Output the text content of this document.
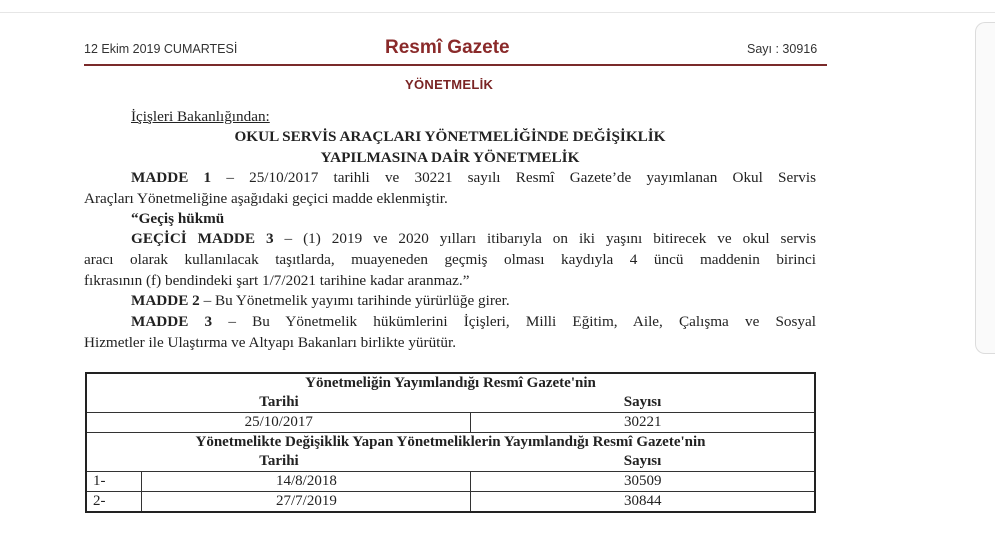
12 Ekim 2019 CUMARTESİ	Resmî Gazete	Sayı : 30916
YÖNETMELİK
İçişleri Bakanlığından:
OKUL SERVİS ARAÇLARI YÖNETMELİĞİNDE DEĞİŞİKLİK
YAPILMASINA DAİR YÖNETMELİK
MADDE 1 – 25/10/2017 tarihli ve 30221 sayılı Resmî Gazete’de yayımlanan Okul Servis
Araçları Yönetmeliğine aşağıdaki geçici madde eklenmiştir.
“Geçiş hükmü
GEÇİCİ MADDE 3 – (1) 2019 ve 2020 yılları itibarıyla on iki yaşını bitirecek ve okul servis
aracı olarak kullanılacak taşıtlarda, muayeneden geçmiş olması kaydıyla 4 üncü maddenin birinci
fıkrasının (f) bendindeki şart 1/7/2021 tarihine kadar aranmaz.”
MADDE 2 – Bu Yönetmelik yayımı tarihinde yürürlüğe girer.
MADDE 3 – Bu Yönetmelik hükümlerini İçişleri, Milli Eğitim, Aile, Çalışma ve Sosyal
Hizmetler ile Ulaştırma ve Altyapı Bakanları birlikte yürütür.
Yönetmeliğin Yayımlandığı Resmî Gazete'nin		
Tarihi		Sayısı
25/10/2017		30221
Yönetmelikte Değişiklik Yapan Yönetmeliklerin Yayımlandığı Resmî Gazete'nin		
Tarihi		Sayısı
1-	14/8/2018	30509
2-	27/7/2019	30844
